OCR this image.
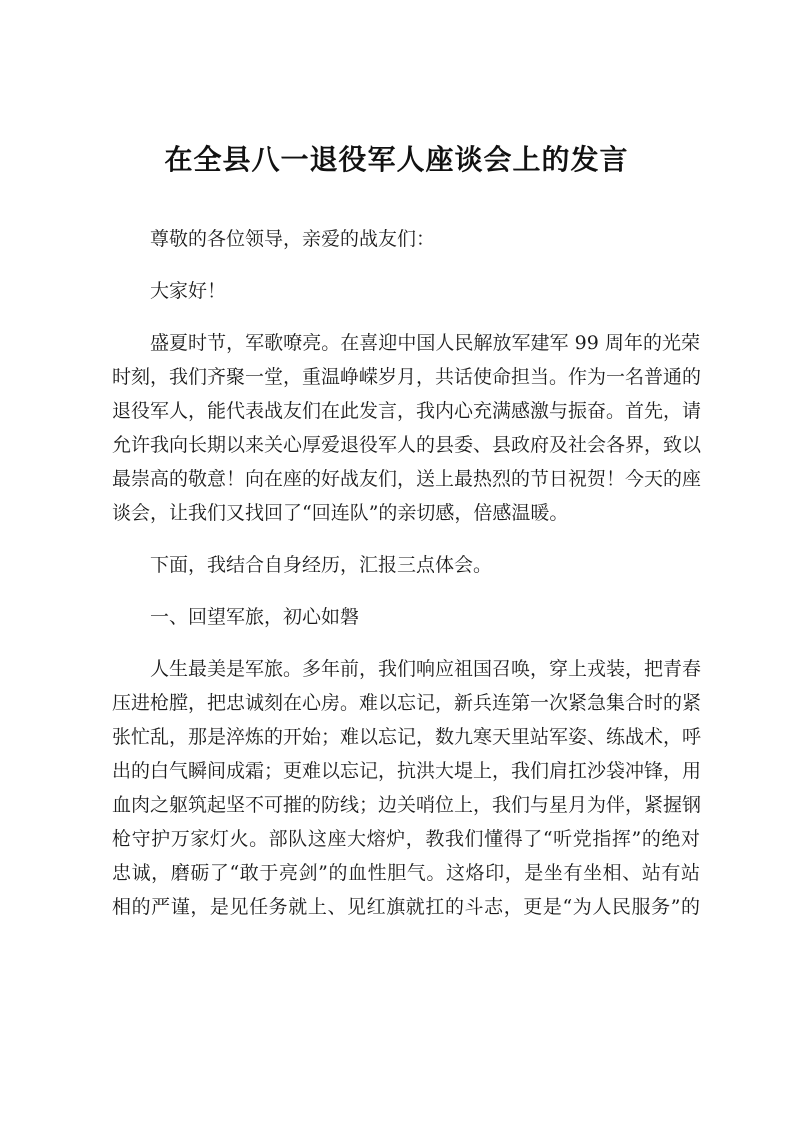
在全县八一退役军人座谈会上的发言

尊敬的各位领导，亲爱的战友们：

大家好！

盛夏时节，军歌嘹亮。在喜迎中国人民解放军建军 99 周年的光荣
时刻，我们齐聚一堂，重温峥嵘岁月，共话使命担当。作为一名普通的
退役军人，能代表战友们在此发言，我内心充满感激与振奋。首先，请
允许我向长期以来关心厚爱退役军人的县委、县政府及社会各界，致以
最崇高的敬意！向在座的好战友们，送上最热烈的节日祝贺！今天的座
谈会，让我们又找回了“回连队”的亲切感，倍感温暖。

下面，我结合自身经历，汇报三点体会。

一、回望军旅，初心如磐

人生最美是军旅。多年前，我们响应祖国召唤，穿上戎装，把青春
压进枪膛，把忠诚刻在心房。难以忘记，新兵连第一次紧急集合时的紧
张忙乱，那是淬炼的开始；难以忘记，数九寒天里站军姿、练战术，呼
出的白气瞬间成霜；更难以忘记，抗洪大堤上，我们肩扛沙袋冲锋，用
血肉之躯筑起坚不可摧的防线；边关哨位上，我们与星月为伴，紧握钢
枪守护万家灯火。部队这座大熔炉，教我们懂得了“听党指挥”的绝对
忠诚，磨砺了“敢于亮剑”的血性胆气。这烙印，是坐有坐相、站有站
相的严谨，是见任务就上、见红旗就扛的斗志，更是“为人民服务”的
